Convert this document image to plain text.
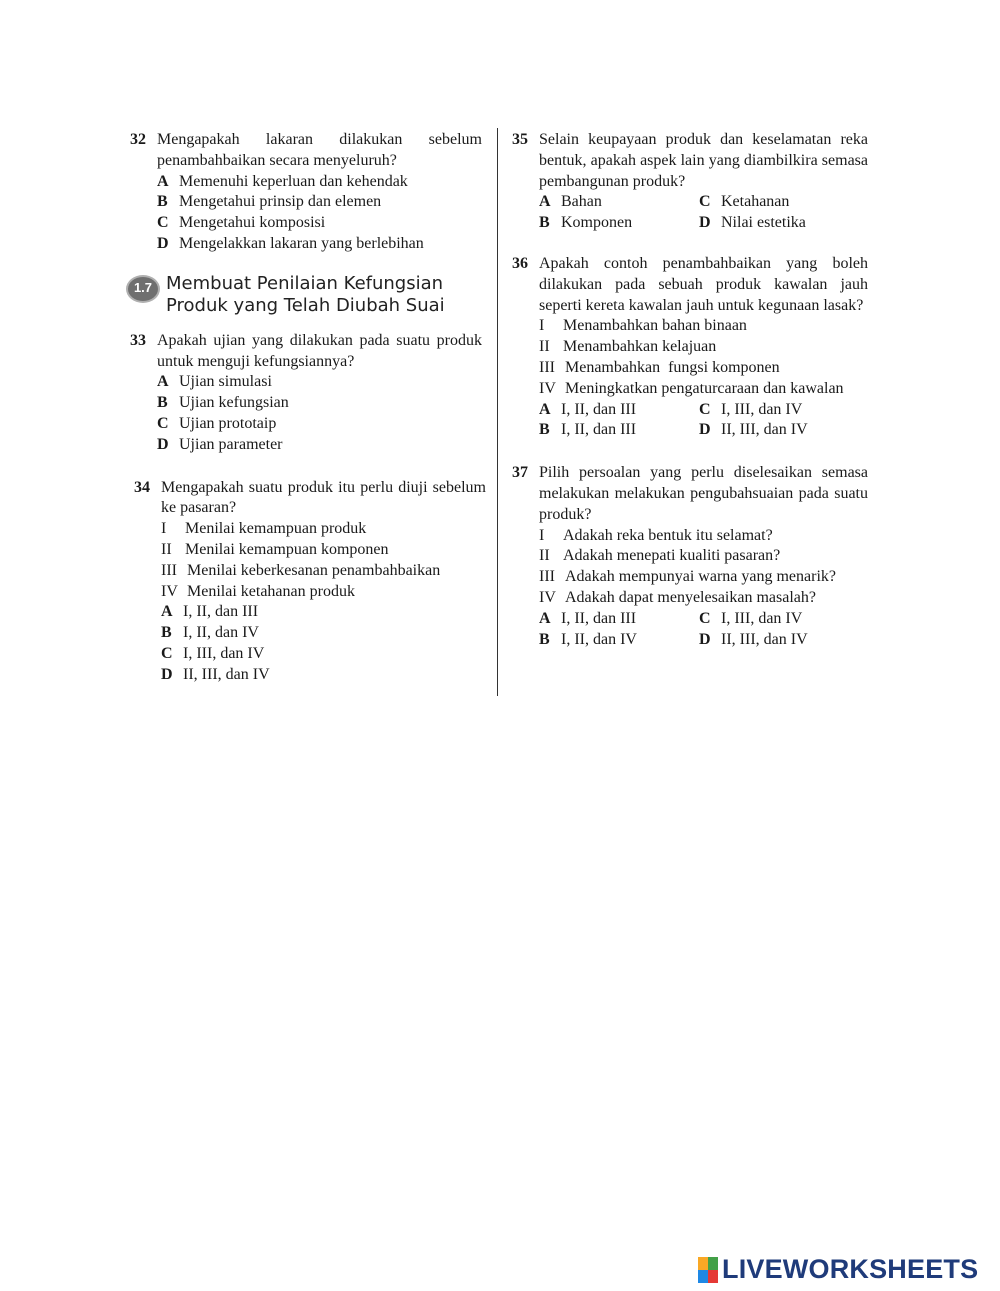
32 Mengapakah lakaran dilakukan sebelum penambahbaikan secara menyeluruh?
A Memenuhi keperluan dan kehendak
B Mengetahui prinsip dan elemen
C Mengetahui komposisi
D Mengelakkan lakaran yang berlebihan
1.7 Membuat Penilaian Kefungsian
Produk yang Telah Diubah Suai
33 Apakah ujian yang dilakukan pada suatu produk untuk menguji kefungsiannya?
A Ujian simulasi
B Ujian kefungsian
C Ujian prototaip
D Ujian parameter
34 Mengapakah suatu produk itu perlu diuji sebelum ke pasaran?
I	Menilai kemampuan produk
II Menilai kemampuan komponen
III Menilai keberkesanan penambahbaikan
IV Menilai ketahanan produk
A I, II, dan III
B I, II, dan IV
C I, III, dan IV
D II, III, dan IV
35 Selain keupayaan produk dan keselamatan reka bentuk, apakah aspek lain yang diambilkira semasa pembangunan produk?
A Bahan	C Ketahanan
B Komponen	D Nilai estetika
36 Apakah contoh penambahbaikan yang boleh dilakukan pada sebuah produk kawalan jauh seperti kereta kawalan jauh untuk kegunaan lasak?
I	Menambahkan bahan binaan
II Menambahkan kelajuan
III Menambahkan  fungsi komponen
IV Meningkatkan pengaturcaraan dan kawalan
A I, II, dan III	C I, III, dan IV
B I, II, dan III	D II, III, dan IV
37 Pilih persoalan yang perlu diselesaikan semasa melakukan melakukan pengubahsuaian pada suatu produk?
I	Adakah reka bentuk itu selamat?
II Adakah menepati kualiti pasaran?
III Adakah mempunyai warna yang menarik?
IV Adakah dapat menyelesaikan masalah?
A I, II, dan III	C I, III, dan IV
B I, II, dan IV	D II, III, dan IV
LIVEWORKSHEETS
